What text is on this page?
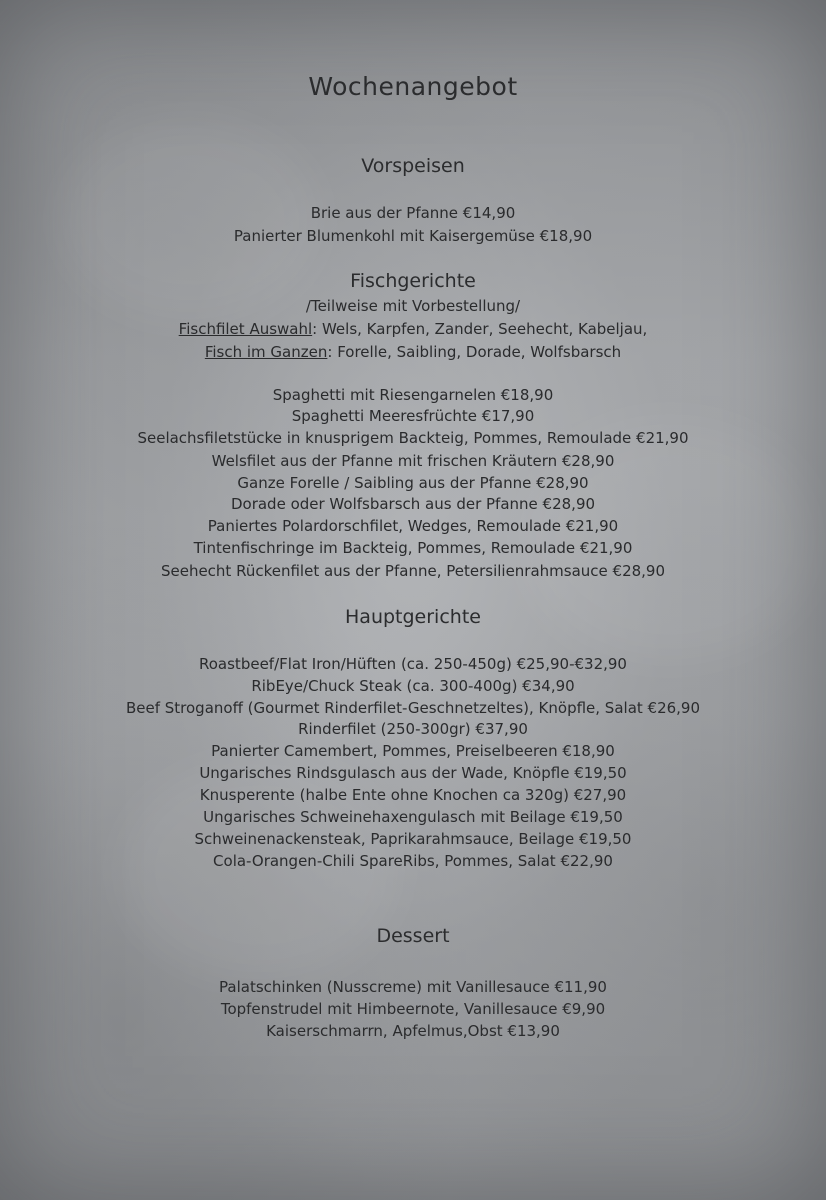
Wochenangebot
Vorspeisen
Brie aus der Pfanne €14,90
Panierter Blumenkohl mit Kaisergemüse €18,90
Fischgerichte
/Teilweise mit Vorbestellung/
Fischfilet Auswahl: Wels, Karpfen, Zander, Seehecht, Kabeljau,
Fisch im Ganzen: Forelle, Saibling, Dorade, Wolfsbarsch
Spaghetti mit Riesengarnelen €18,90
Spaghetti Meeresfrüchte €17,90
Seelachsfiletstücke in knusprigem Backteig, Pommes, Remoulade €21,90
Welsfilet aus der Pfanne mit frischen Kräutern €28,90
Ganze Forelle / Saibling aus der Pfanne €28,90
Dorade oder Wolfsbarsch aus der Pfanne €28,90
Paniertes Polardorschfilet, Wedges, Remoulade €21,90
Tintenfischringe im Backteig, Pommes, Remoulade €21,90
Seehecht Rückenfilet aus der Pfanne, Petersilienrahmsauce €28,90
Hauptgerichte
Roastbeef/Flat Iron/Hüften (ca. 250-450g) €25,90-€32,90
RibEye/Chuck Steak (ca. 300-400g) €34,90
Beef Stroganoff (Gourmet Rinderfilet-Geschnetzeltes), Knöpfle, Salat €26,90
Rinderfilet (250-300gr) €37,90
Panierter Camembert, Pommes, Preiselbeeren €18,90
Ungarisches Rindsgulasch aus der Wade, Knöpfle €19,50
Knusperente (halbe Ente ohne Knochen ca 320g) €27,90
Ungarisches Schweinehaxengulasch mit Beilage €19,50
Schweinenackensteak, Paprikarahmsauce, Beilage €19,50
Cola-Orangen-Chili SpareRibs, Pommes, Salat €22,90
Dessert
Palatschinken (Nusscreme) mit Vanillesauce €11,90
Topfenstrudel mit Himbeernote, Vanillesauce €9,90
Kaiserschmarrn, Apfelmus,Obst €13,90
